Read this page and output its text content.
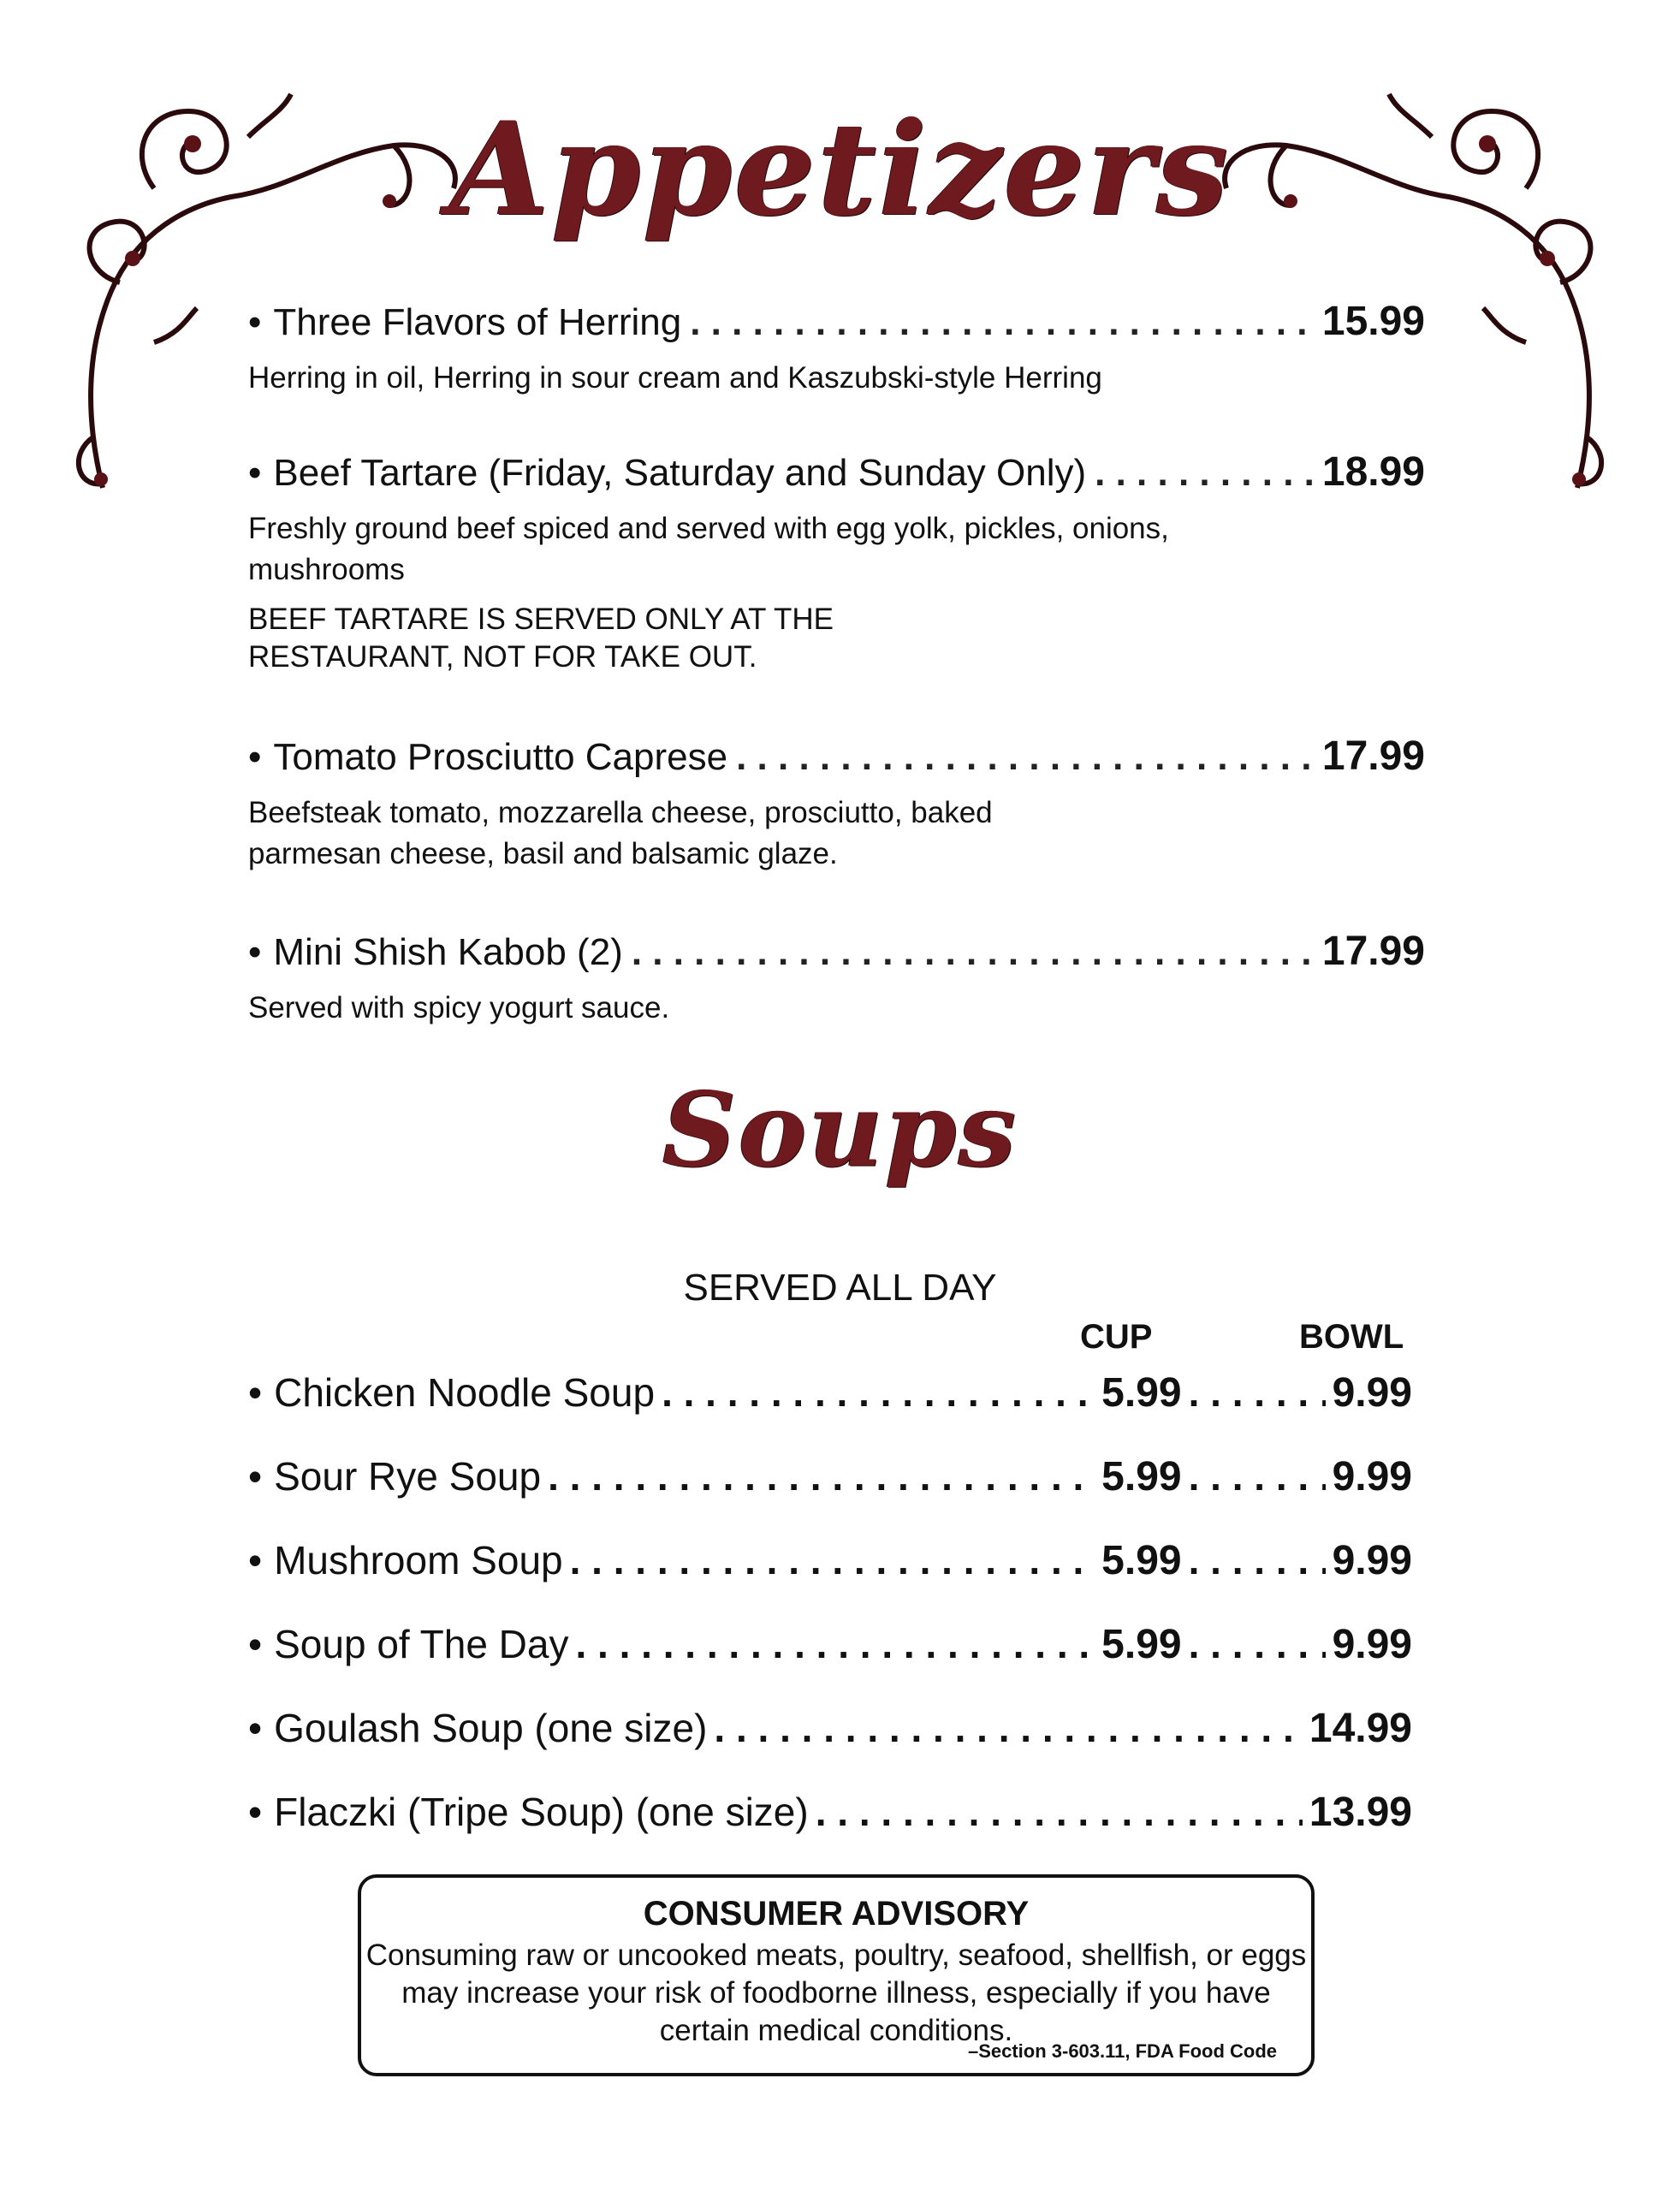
Appetizers
• Three Flavors of Herring . . .	15.99
Herring in oil, Herring in sour cream and Kaszubski-style Herring
• Beef Tartare (Friday, Saturday and Sunday Only) . . .	18.99
Freshly ground beef spiced and served with egg yolk, pickles, onions, mushrooms
BEEF TARTARE IS SERVED ONLY AT THE RESTAURANT, NOT FOR TAKE OUT.
• Tomato Prosciutto Caprese . . .	17.99
Beefsteak tomato, mozzarella cheese, prosciutto, baked parmesan cheese, basil and balsamic glaze.
• Mini Shish Kabob (2) . . .	17.99
Served with spicy yogurt sauce.
Soups
SERVED ALL DAY
CUP	BOWL
• Chicken Noodle Soup . . .	5.99 . . .	9.99
• Sour Rye Soup . . .	5.99 . . .	9.99
• Mushroom Soup . . .	5.99 . . .	9.99
• Soup of The Day . . .	5.99 . . .	9.99
• Goulash Soup (one size) . . .	14.99
• Flaczki (Tripe Soup) (one size) . . .	13.99
CONSUMER ADVISORY
Consuming raw or uncooked meats, poultry, seafood, shellfish, or eggs may increase your risk of foodborne illness, especially if you have certain medical conditions.
–Section 3-603.11, FDA Food Code
